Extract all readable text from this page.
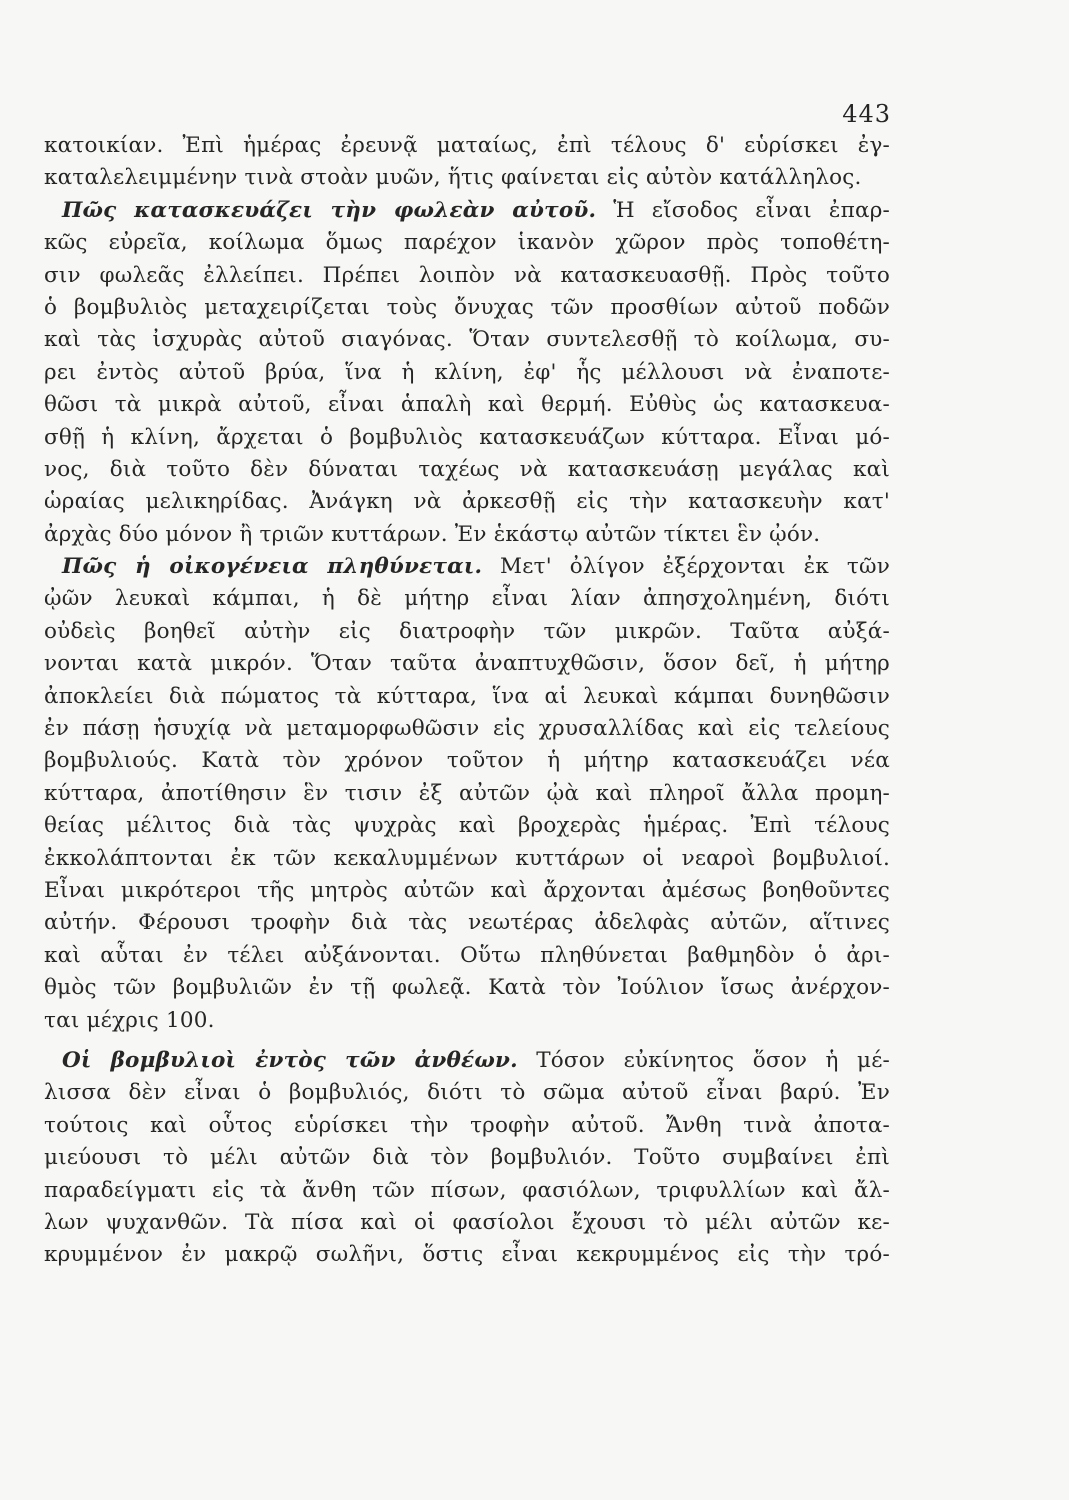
443
κατοικίαν. Ἐπὶ ἡμέρας ἐρευνᾷ ματαίως, ἐπὶ τέλους δ' εὑρίσκει ἐγ-
καταλελειμμένην τινὰ στοὰν μυῶν, ἥτις φαίνεται εἰς αὐτὸν κατάλληλος.
Πῶς κατασκευάζει τὴν φωλεὰν αὐτοῦ. Ἡ εἴσοδος εἶναι ἐπαρ-
κῶς εὐρεῖα, κοίλωμα ὅμως παρέχον ἱκανὸν χῶρον πρὸς τοποθέτη-
σιν φωλεᾶς ἐλλείπει. Πρέπει λοιπὸν νὰ κατασκευασθῇ. Πρὸς τοῦτο
ὁ βομβυλιὸς μεταχειρίζεται τοὺς ὄνυχας τῶν προσθίων αὐτοῦ ποδῶν
καὶ τὰς ἰσχυρὰς αὐτοῦ σιαγόνας. Ὅταν συντελεσθῇ τὸ κοίλωμα, συ-
ρει ἐντὸς αὐτοῦ βρύα, ἵνα ἡ κλίνη, ἐφ' ἧς μέλλουσι νὰ ἐναποτε-
θῶσι τὰ μικρὰ αὐτοῦ, εἶναι ἁπαλὴ καὶ θερμή. Εὐθὺς ὡς κατασκευα-
σθῇ ἡ κλίνη, ἄρχεται ὁ βομβυλιὸς κατασκευάζων κύτταρα. Εἶναι μό-
νος, διὰ τοῦτο δὲν δύναται ταχέως νὰ κατασκευάσῃ μεγάλας καὶ
ὡραίας μελικηρίδας. Ἀνάγκη νὰ ἀρκεσθῇ εἰς τὴν κατασκευὴν κατ'
ἀρχὰς δύο μόνον ἢ τριῶν κυττάρων. Ἐν ἑκάστῳ αὐτῶν τίκτει ἓν ᾠόν.
Πῶς ἡ οἰκογένεια πληθύνεται. Μετ' ὀλίγον ἐξέρχονται ἐκ τῶν
ᾠῶν λευκαὶ κάμπαι, ἡ δὲ μήτηρ εἶναι λίαν ἀπησχολημένη, διότι
οὐδεὶς βοηθεῖ αὐτὴν εἰς διατροφὴν τῶν μικρῶν. Ταῦτα αὐξά-
νονται κατὰ μικρόν. Ὅταν ταῦτα ἀναπτυχθῶσιν, ὅσον δεῖ, ἡ μήτηρ
ἀποκλείει διὰ πώματος τὰ κύτταρα, ἵνα αἱ λευκαὶ κάμπαι δυνηθῶσιν
ἐν πάσῃ ἡσυχίᾳ νὰ μεταμορφωθῶσιν εἰς χρυσαλλίδας καὶ εἰς τελείους
βομβυλιούς. Κατὰ τὸν χρόνον τοῦτον ἡ μήτηρ κατασκευάζει νέα
κύτταρα, ἀποτίθησιν ἓν τισιν ἐξ αὐτῶν ᾠὰ καὶ πληροῖ ἄλλα προμη-
θείας μέλιτος διὰ τὰς ψυχρὰς καὶ βροχερὰς ἡμέρας. Ἐπὶ τέλους
ἐκκολάπτονται ἐκ τῶν κεκαλυμμένων κυττάρων οἱ νεαροὶ βομβυλιοί.
Εἶναι μικρότεροι τῆς μητρὸς αὐτῶν καὶ ἄρχονται ἀμέσως βοηθοῦντες
αὐτήν. Φέρουσι τροφὴν διὰ τὰς νεωτέρας ἀδελφὰς αὐτῶν, αἵτινες
καὶ αὗται ἐν τέλει αὐξάνονται. Οὕτω πληθύνεται βαθμηδὸν ὁ ἀρι-
θμὸς τῶν βομβυλιῶν ἐν τῇ φωλεᾷ. Κατὰ τὸν Ἰούλιον ἴσως ἀνέρχον-
ται μέχρις 100.
Οἱ βομβυλιοὶ ἐντὸς τῶν ἀνθέων. Τόσον εὐκίνητος ὅσον ἡ μέ-
λισσα δὲν εἶναι ὁ βομβυλιός, διότι τὸ σῶμα αὐτοῦ εἶναι βαρύ. Ἐν
τούτοις καὶ οὗτος εὑρίσκει τὴν τροφὴν αὐτοῦ. Ἄνθη τινὰ ἀποτα-
μιεύουσι τὸ μέλι αὐτῶν διὰ τὸν βομβυλιόν. Τοῦτο συμβαίνει ἐπὶ
παραδείγματι εἰς τὰ ἄνθη τῶν πίσων, φασιόλων, τριφυλλίων καὶ ἄλ-
λων ψυχανθῶν. Τὰ πίσα καὶ οἱ φασίολοι ἔχουσι τὸ μέλι αὐτῶν κε-
κρυμμένον ἐν μακρῷ σωλῆνι, ὅστις εἶναι κεκρυμμένος εἰς τὴν τρό-
